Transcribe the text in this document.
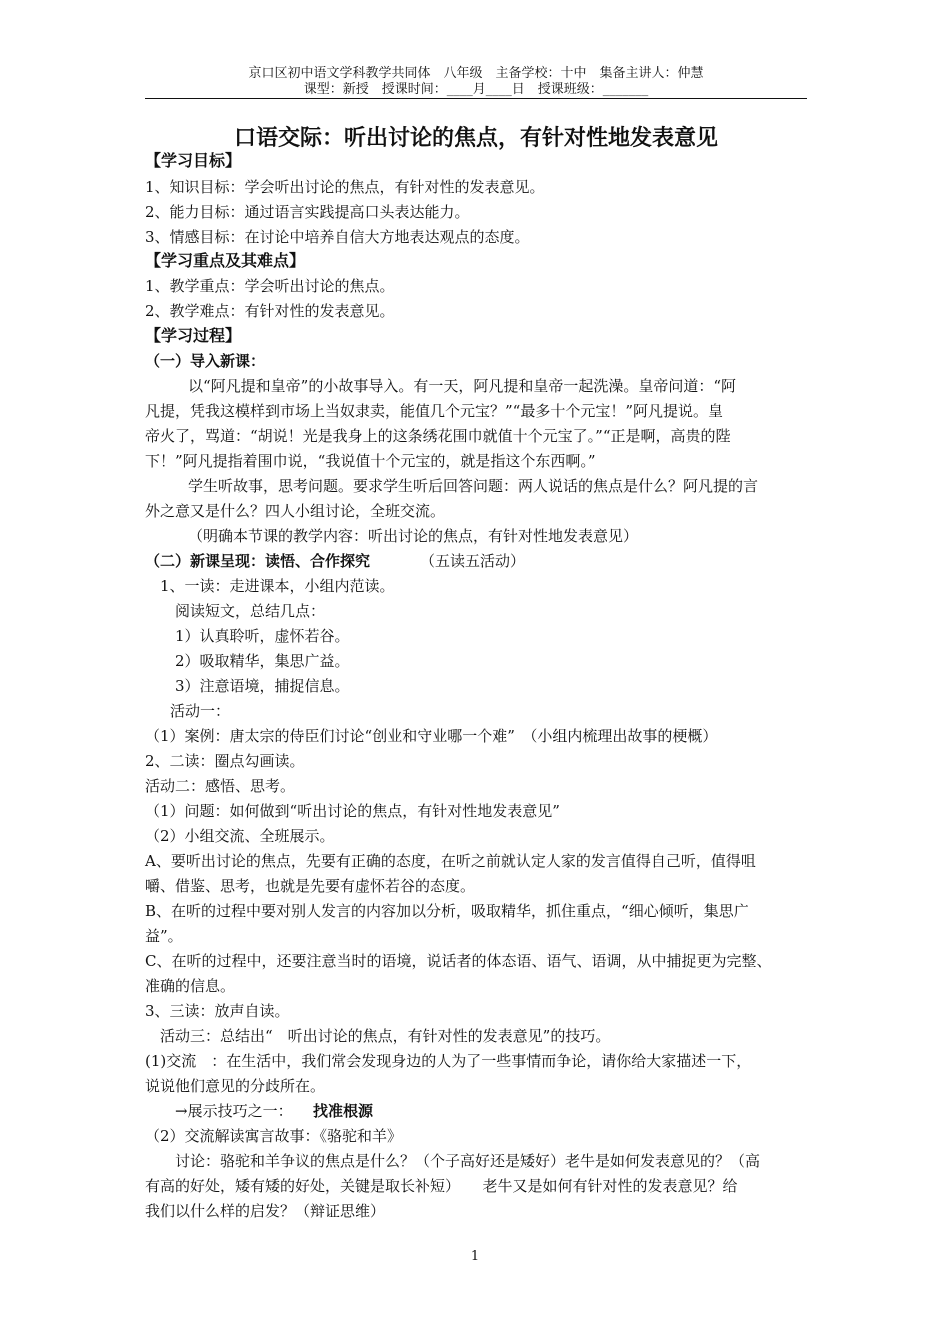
京口区初中语文学科教学共同体　八年级　主备学校：十中　集备主讲人：仲慧
课型：新授　授课时间：____月____日　授课班级：_______
口语交际：听出讨论的焦点，有针对性地发表意见
【学习目标】
1、知识目标：学会听出讨论的焦点，有针对性的发表意见。
2、能力目标：通过语言实践提高口头表达能力。
3、情感目标：在讨论中培养自信大方地表达观点的态度。
【学习重点及其难点】
1、教学重点：学会听出讨论的焦点。
2、教学难点：有针对性的发表意见。
【学习过程】
（一）导入新课：
以“阿凡提和皇帝”的小故事导入。有一天，阿凡提和皇帝一起洗澡。皇帝问道：“阿
凡提，凭我这模样到市场上当奴隶卖，能值几个元宝？”“最多十个元宝！”阿凡提说。皇
帝火了，骂道：“胡说！光是我身上的这条绣花围巾就值十个元宝了。”“正是啊，高贵的陛
下！”阿凡提指着围巾说，“我说值十个元宝的，就是指这个东西啊。”
学生听故事，思考问题。要求学生听后回答问题：两人说话的焦点是什么？阿凡提的言
外之意又是什么？四人小组讨论，全班交流。
（明确本节课的教学内容：听出讨论的焦点，有针对性地发表意见）
（二）新课呈现：读悟、合作探究	（五读五活动）
1、一读：走进课本，小组内范读。
阅读短文，总结几点：
1）认真聆听，虚怀若谷。
2）吸取精华，集思广益。
3）注意语境，捕捉信息。
活动一：
（1）案例：唐太宗的侍臣们讨论“创业和守业哪一个难”　（小组内梳理出故事的梗概）
2、二读：圈点勾画读。
活动二：感悟、思考。
（1）问题：如何做到“听出讨论的焦点，有针对性地发表意见”
（2）小组交流、全班展示。
A、要听出讨论的焦点，先要有正确的态度，在听之前就认定人家的发言值得自己听，值得咀
嚼、借鉴、思考，也就是先要有虚怀若谷的态度。
B、在听的过程中要对别人发言的内容加以分析，吸取精华，抓住重点，“细心倾听，集思广
益”。
C、在听的过程中，还要注意当时的语境，说话者的体态语、语气、语调，从中捕捉更为完整、
准确的信息。
3、三读：放声自读。
活动三：总结出“　听出讨论的焦点，有针对性的发表意见”的技巧。
(1)交流　：在生活中，我们常会发现身边的人为了一些事情而争论，请你给大家描述一下，
说说他们意见的分歧所在。
→展示技巧之一： 找准根源
（2）交流解读寓言故事：《骆驼和羊》
讨论：骆驼和羊争议的焦点是什么？（个子高好还是矮好）老牛是如何发表意见的？（高
有高的好处，矮有矮的好处，关键是取长补短）　　老牛又是如何有针对性的发表意见？给
我们以什么样的启发？（辩证思维）
1
